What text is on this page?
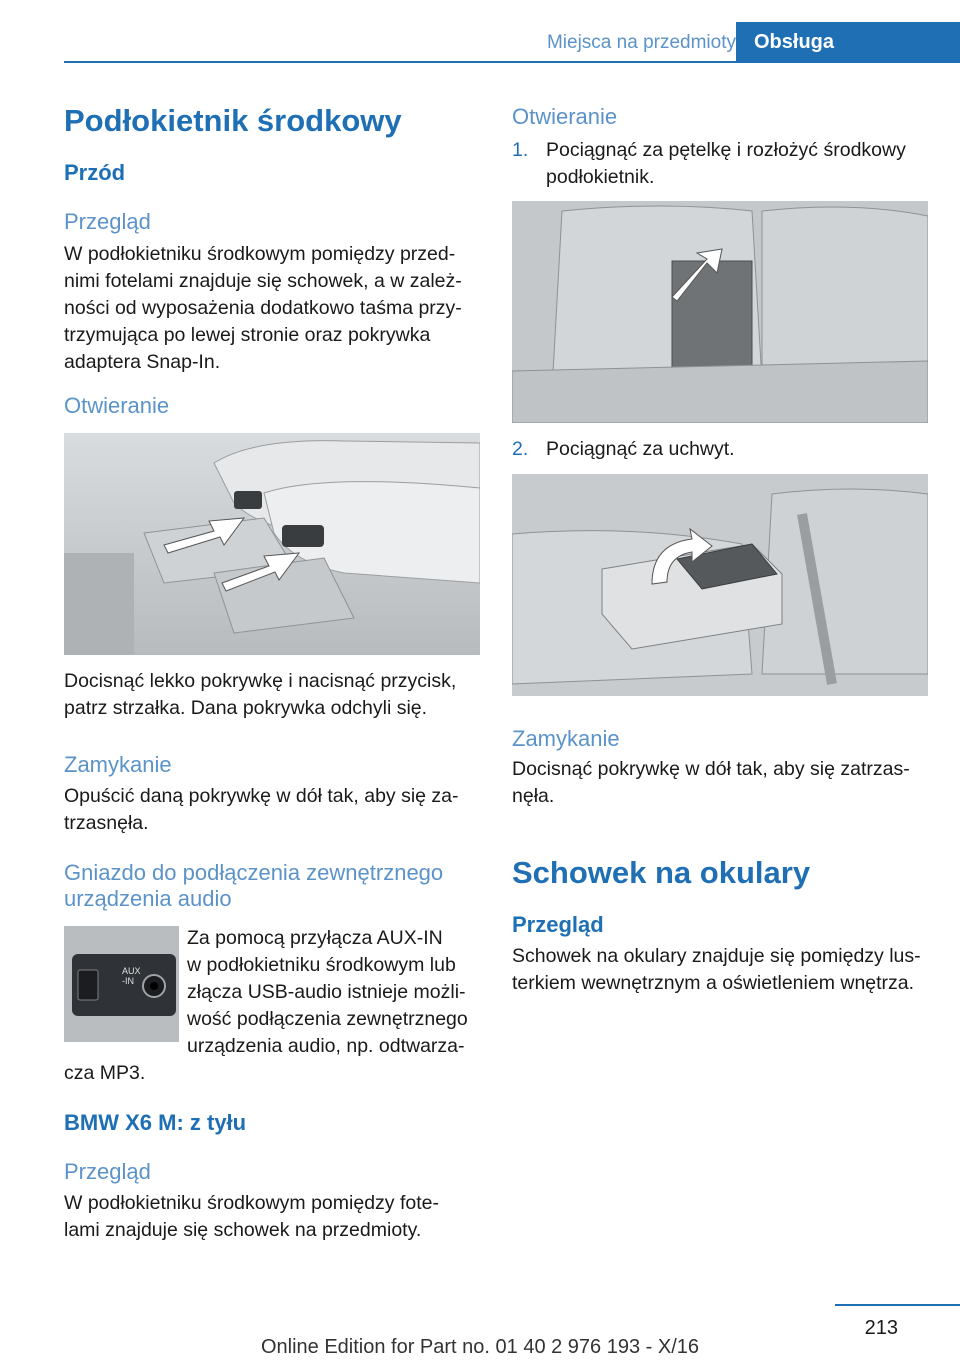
Miejsca na przedmioty Obsługa
Podłokietnik środkowy
Przód
Przegląd
W podłokietniku środkowym pomiędzy przed-
nimi fotelami znajduje się schowek, a w zależ-
ności od wyposażenia dodatkowo taśma przy-
trzymująca po lewej stronie oraz pokrywka
adaptera Snap-In.
Otwieranie
Docisnąć lekko pokrywkę i nacisnąć przycisk,
patrz strzałka. Dana pokrywka odchyli się.
Zamykanie
Opuścić daną pokrywkę w dół tak, aby się za-
trzasnęła.
Gniazdo do podłączenia zewnętrznego
urządzenia audio
AUX-IN
Za pomocą przyłącza AUX-IN
w podłokietniku środkowym lub
złącza USB-audio istnieje możli-
wość podłączenia zewnętrznego
urządzenia audio, np. odtwarza-
cza MP3.
BMW X6 M: z tyłu
Przegląd
W podłokietniku środkowym pomiędzy fote-
lami znajduje się schowek na przedmioty.
Otwieranie
1. Pociągnąć za pętelkę i rozłożyć środkowy
podłokietnik.
2. Pociągnąć za uchwyt.
Zamykanie
Docisnąć pokrywkę w dół tak, aby się zatrzas-
nęła.
Schowek na okulary
Przegląd
Schowek na okulary znajduje się pomiędzy lus-
terkiem wewnętrznym a oświetleniem wnętrza.
213
Online Edition for Part no. 01 40 2 976 193 - X/16
